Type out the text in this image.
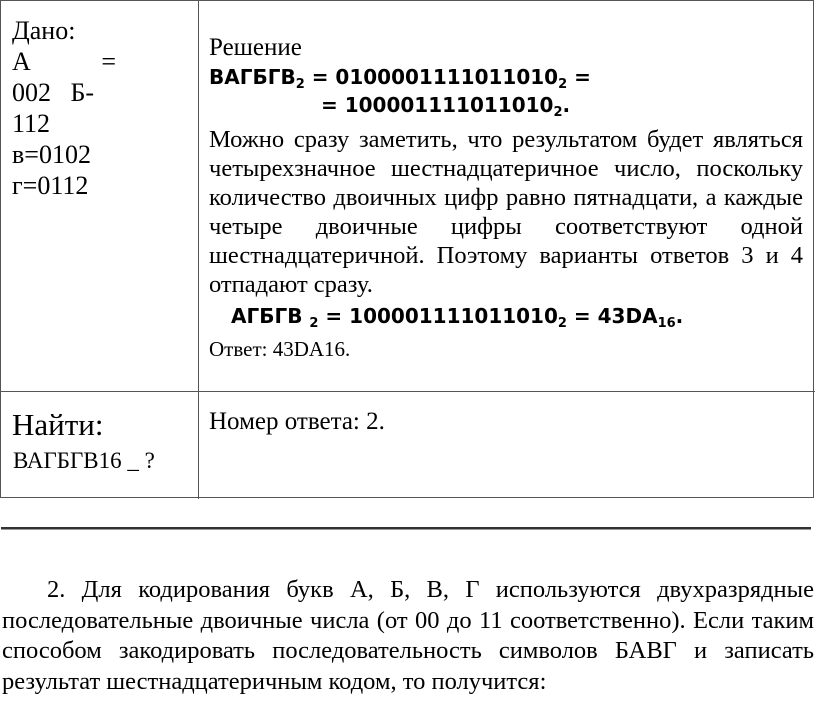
Дано:
А	=
002   Б-
112
в=0102
г=0112
Решение
$ВАГБГВ_2 = 0100001111011010_2$ =
= $100001111011010_2$.
Можно сразу заметить, что результатом будет являться четырехзначное шестнадцатеричное число, поскольку количество двоичных цифр равно пятнадцати, а каждые четыре двоичные цифры соответствуют одной шестнадцатеричной. Поэтому варианты ответов 3 и 4 отпадают сразу.
АГБГВ $_2 = 100001111011010_2 = 43DA_{16}$.
Ответ: 43DA16.
Найти:
ВАГБГВ16 _ ?
Номер ответа: 2.
2. Для кодирования букв А, Б, В, Г используются двухразрядные последовательные двоичные числа (от 00 до 11 соответственно). Если таким способом закодировать последовательность символов БАВГ и записать результат шестнадцатеричным кодом, то получится:
